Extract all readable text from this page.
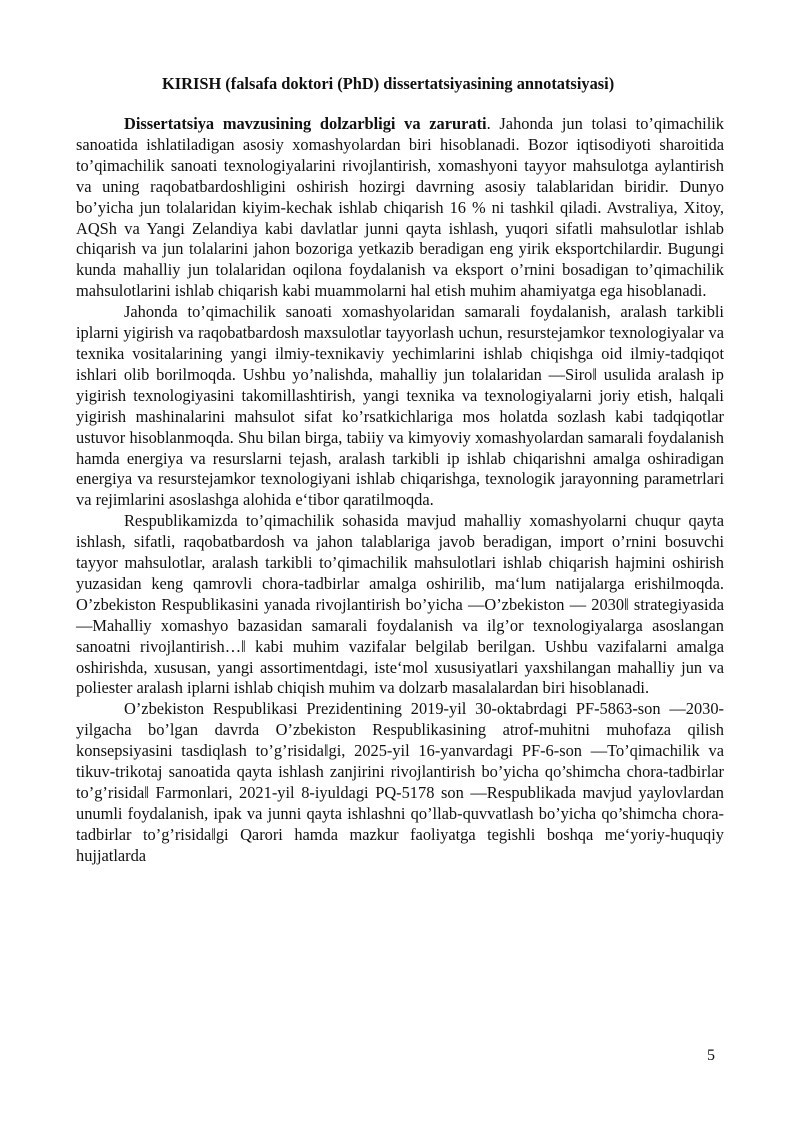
KIRISH (falsafa doktori (PhD) dissertatsiyasining annotatsiyasi)

Dissertatsiya mavzusining dolzarbligi va zarurati. Jahonda jun tolasi to’qimachilik sanoatida ishlatiladigan asosiy xomashyolardan biri hisoblanadi. Bozor iqtisodiyoti sharoitida to’qimachilik sanoati texnologiyalarini rivojlantirish, xomashyoni tayyor mahsulotga aylantirish va uning raqobatbardoshligini oshirish hozirgi davrning asosiy talablaridan biridir. Dunyo bo’yicha jun tolalaridan kiyim-kechak ishlab chiqarish 16 % ni tashkil qiladi. Avstraliya, Xitoy, AQSh va Yangi Zelandiya kabi davlatlar junni qayta ishlash, yuqori sifatli mahsulotlar ishlab chiqarish va jun tolalarini jahon bozoriga yetkazib beradigan eng yirik eksportchilardir. Bugungi kunda mahalliy jun tolalaridan oqilona foydalanish va eksport o’rnini bosadigan to’qimachilik mahsulotlarini ishlab chiqarish kabi muammolarni hal etish muhim ahamiyatga ega hisoblanadi.

Jahonda to’qimachilik sanoati xomashyolaridan samarali foydalanish, aralash tarkibli iplarni yigirish va raqobatbardosh maxsulotlar tayyorlash uchun, resurstejamkor texnologiyalar va texnika vositalarining yangi ilmiy-texnikaviy yechimlarini ishlab chiqishga oid ilmiy-tadqiqot ishlari olib borilmoqda. Ushbu yo’nalishda, mahalliy jun tolalaridan ―Siro‖ usulida aralash ip yigirish texnologiyasini takomillashtirish, yangi texnika va texnologiyalarni joriy etish, halqali yigirish mashinalarini mahsulot sifat ko’rsatkichlariga mos holatda sozlash kabi tadqiqotlar ustuvor hisoblanmoqda. Shu bilan birga, tabiiy va kimyoviy xomashyolardan samarali foydalanish hamda energiya va resurslarni tejash, aralash tarkibli ip ishlab chiqarishni amalga oshiradigan energiya va resurstejamkor texnologiyani ishlab chiqarishga, texnologik jarayonning parametrlari va rejimlarini asoslashga alohida e‘tibor qaratilmoqda.

Respublikamizda to’qimachilik sohasida mavjud mahalliy xomashyolarni chuqur qayta ishlash, sifatli, raqobatbardosh va jahon talablariga javob beradigan, import o’rnini bosuvchi tayyor mahsulotlar, aralash tarkibli to’qimachilik mahsulotlari ishlab chiqarish hajmini oshirish yuzasidan keng qamrovli chora-tadbirlar amalga oshirilib, ma‘lum natijalarga erishilmoqda. O’zbekiston Respublikasini yanada rivojlantirish bo’yicha ―O’zbekiston ― 2030‖ strategiyasida ―Mahalliy xomashyo bazasidan samarali foydalanish va ilg’or texnologiyalarga asoslangan sanoatni rivojlantirish…‖ kabi muhim vazifalar belgilab berilgan. Ushbu vazifalarni amalga oshirishda, xususan, yangi assortimentdagi, iste‘mol xususiyatlari yaxshilangan mahalliy jun va poliester aralash iplarni ishlab chiqish muhim va dolzarb masalalardan biri hisoblanadi.

O’zbekiston Respublikasi Prezidentining 2019-yil 30-oktabrdagi PF-5863-son ―2030-yilgacha bo’lgan davrda O’zbekiston Respublikasining atrof-muhitni muhofaza qilish konsepsiyasini tasdiqlash to’g’risida‖gi, 2025-yil 16-yanvardagi PF-6-son ―To’qimachilik va tikuv-trikotaj sanoatida qayta ishlash zanjirini rivojlantirish bo’yicha qo’shimcha chora-tadbirlar to’g’risida‖ Farmonlari, 2021-yil 8-iyuldagi PQ-5178 son ―Respublikada mavjud yaylovlardan unumli foydalanish, ipak va junni qayta ishlashni qo’llab-quvvatlash bo’yicha qo’shimcha chora-tadbirlar to’g’risida‖gi Qarori hamda mazkur faoliyatga tegishli boshqa me‘yoriy-huquqiy hujjatlarda

5
